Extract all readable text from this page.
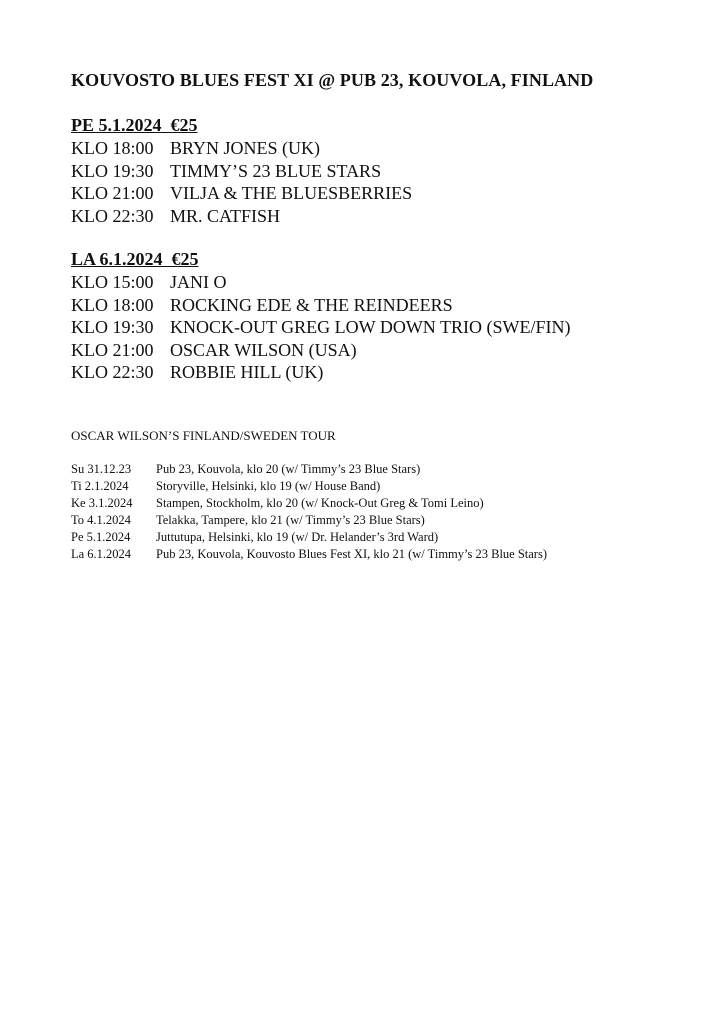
KOUVOSTO BLUES FEST XI @ PUB 23, KOUVOLA, FINLAND
PE 5.1.2024  €25
KLO 18:00 BRYN JONES (UK)
KLO 19:30 TIMMY’S 23 BLUE STARS
KLO 21:00 VILJA & THE BLUESBERRIES
KLO 22:30 MR. CATFISH
LA 6.1.2024  €25
KLO 15:00 JANI O
KLO 18:00 ROCKING EDE & THE REINDEERS
KLO 19:30 KNOCK-OUT GREG LOW DOWN TRIO (SWE/FIN)
KLO 21:00 OSCAR WILSON (USA)
KLO 22:30 ROBBIE HILL (UK)
OSCAR WILSON’S FINLAND/SWEDEN TOUR
Su 31.12.23	Pub 23, Kouvola, klo 20 (w/ Timmy’s 23 Blue Stars)
Ti 2.1.2024	Storyville, Helsinki, klo 19 (w/ House Band)
Ke 3.1.2024	Stampen, Stockholm, klo 20 (w/ Knock-Out Greg & Tomi Leino)
To 4.1.2024	Telakka, Tampere, klo 21 (w/ Timmy’s 23 Blue Stars)
Pe 5.1.2024	Juttutupa, Helsinki, klo 19 (w/ Dr. Helander’s 3rd Ward)
La 6.1.2024	Pub 23, Kouvola, Kouvosto Blues Fest XI, klo 21 (w/ Timmy’s 23 Blue Stars)
